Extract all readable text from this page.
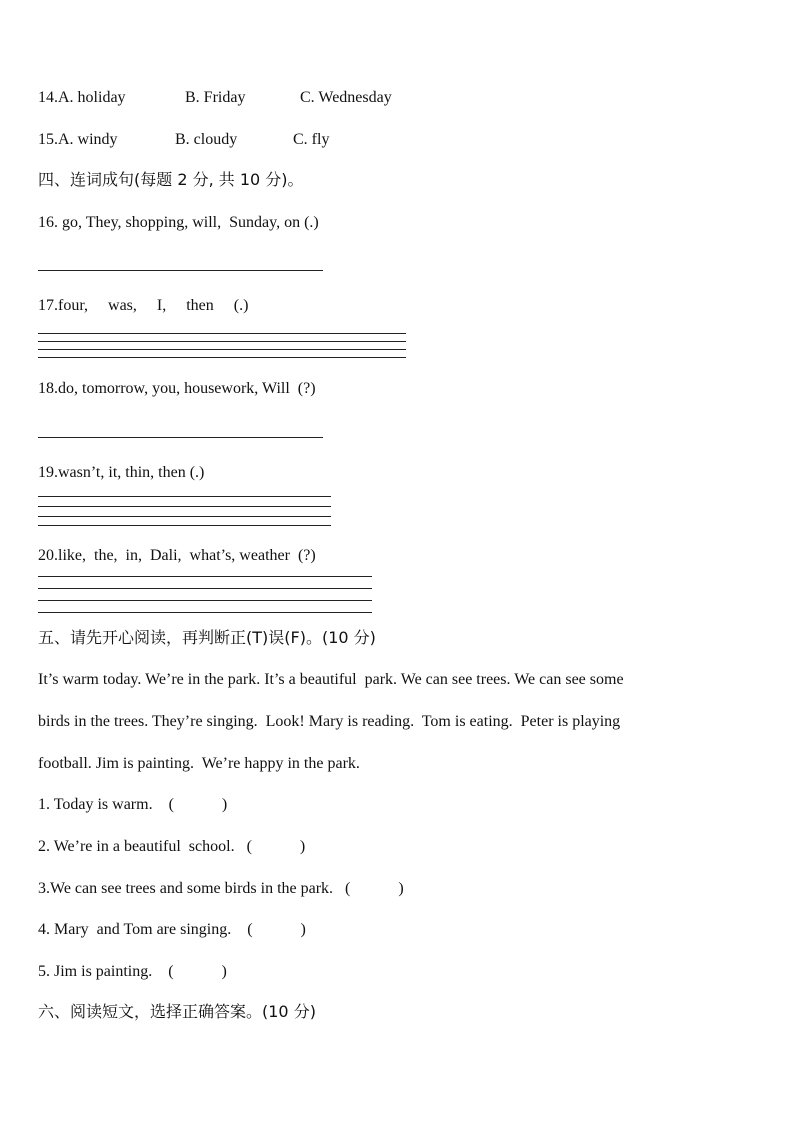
14.A. holiday	B. Friday	C. Wednesday
15.A. windy	B. cloudy	C. fly
四、连词成句(每题 2 分, 共 10 分)。
16. go, They, shopping, will,  Sunday, on (.)
17.four,     was,     I,     then     (.)
18.do, tomorrow, you, housework, Will  (?)
19.wasn’t, it, thin, then (.)
20.like,  the,  in,  Dali,  what’s, weather  (?)
五、请先开心阅读，再判断正(T)误(F)。(10 分)
It’s warm today. We’re in the park. It’s a beautiful  park. We can see trees. We can see some
birds in the trees. They’re singing.  Look! Mary is reading.  Tom is eating.  Peter is playing
football. Jim is painting.  We’re happy in the park.
1. Today is warm.    (            )
2. We’re in a beautiful  school.   (            )
3.We can see trees and some birds in the park.   (            )
4. Mary  and Tom are singing.    (            )
5. Jim is painting.    (            )
六、阅读短文，选择正确答案。(10 分)
